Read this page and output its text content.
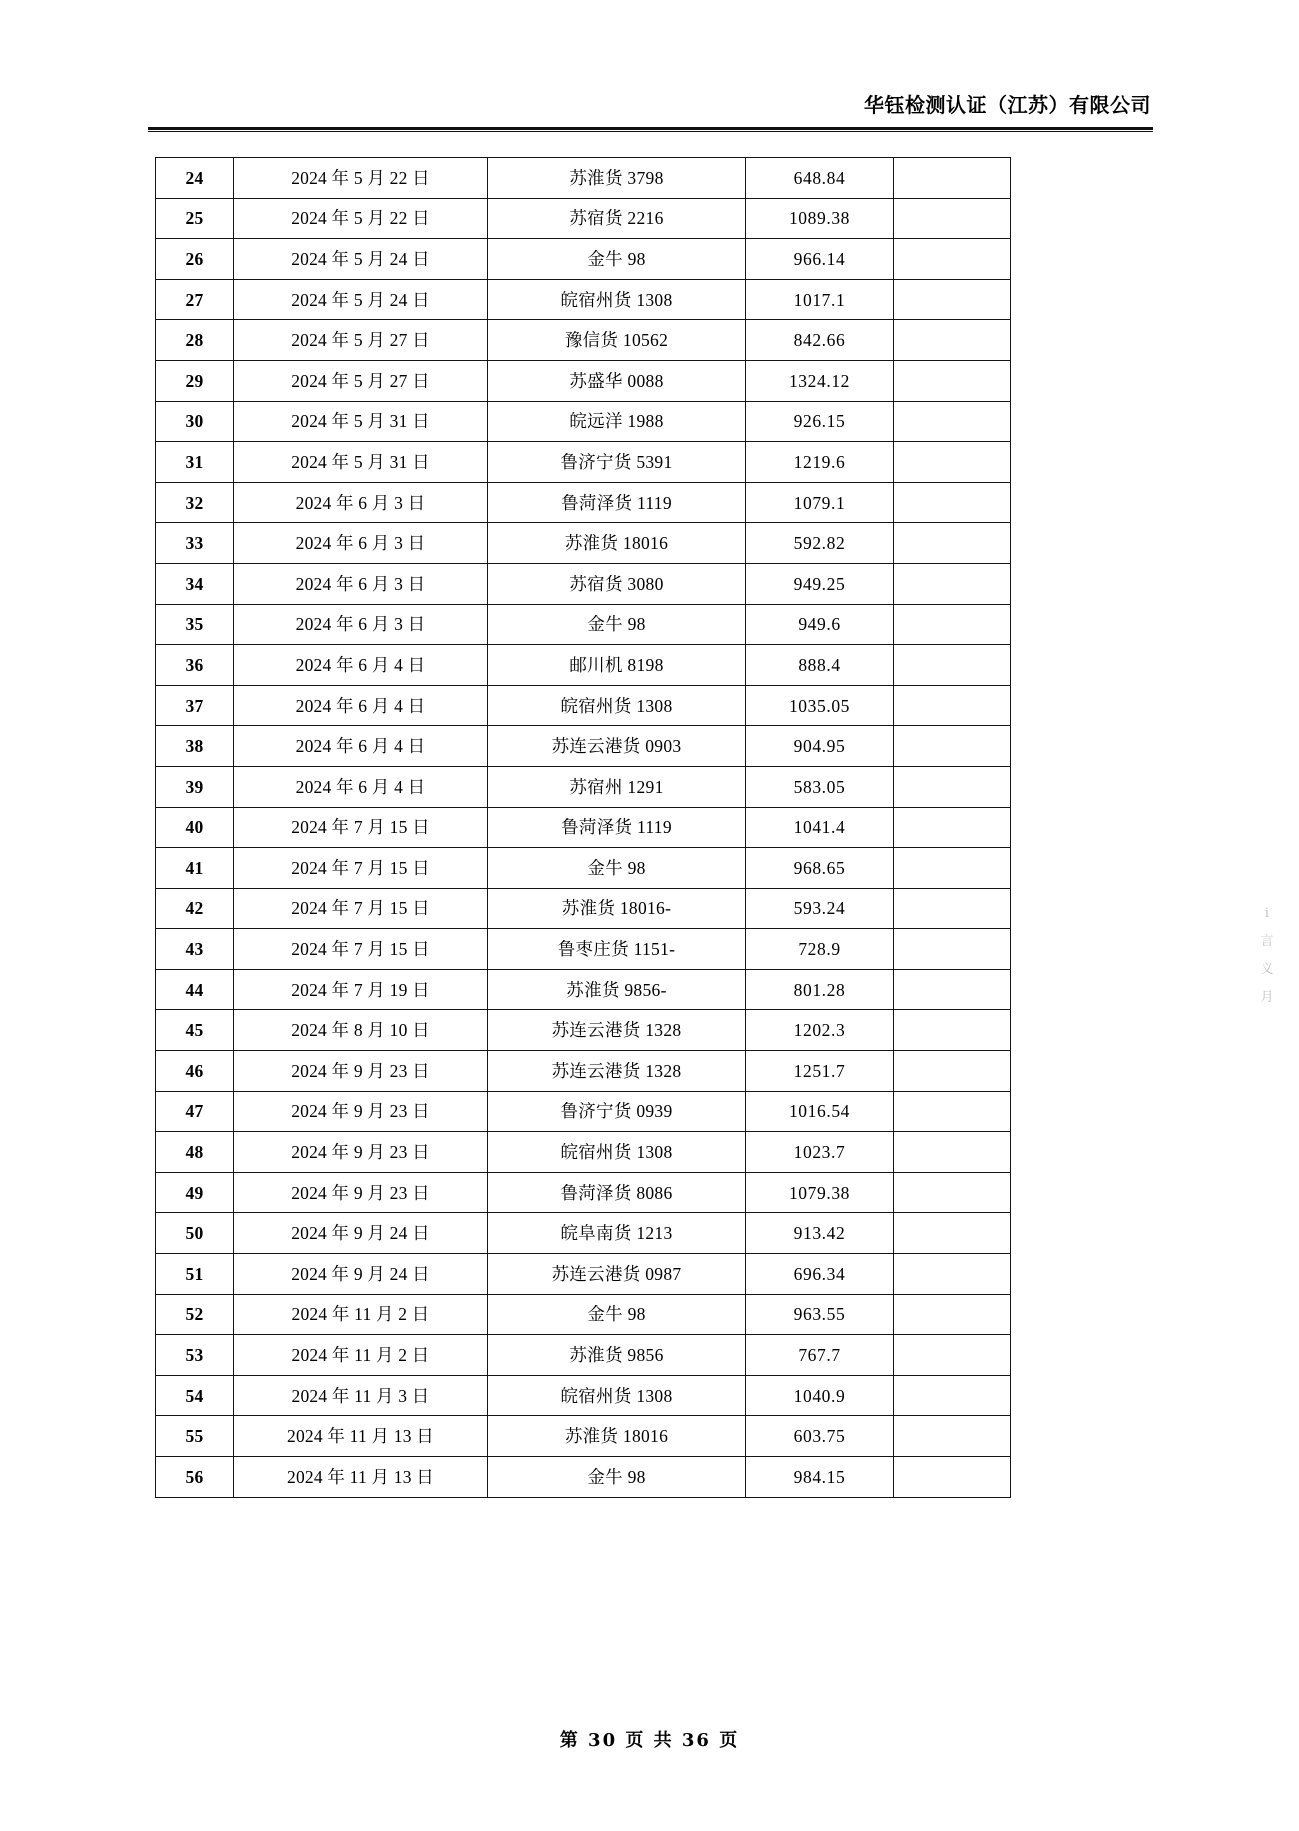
华钰检测认证（江苏）有限公司
24	2024 年 5 月 22 日	苏淮货 3798	648.84	
25	2024 年 5 月 22 日	苏宿货 2216	1089.38	
26	2024 年 5 月 24 日	金牛 98	966.14	
27	2024 年 5 月 24 日	皖宿州货 1308	1017.1	
28	2024 年 5 月 27 日	豫信货 10562	842.66	
29	2024 年 5 月 27 日	苏盛华 0088	1324.12	
30	2024 年 5 月 31 日	皖远洋 1988	926.15	
31	2024 年 5 月 31 日	鲁济宁货 5391	1219.6	
32	2024 年 6 月 3 日	鲁菏泽货 1119	1079.1	
33	2024 年 6 月 3 日	苏淮货 18016	592.82	
34	2024 年 6 月 3 日	苏宿货 3080	949.25	
35	2024 年 6 月 3 日	金牛 98	949.6	
36	2024 年 6 月 4 日	邮川机 8198	888.4	
37	2024 年 6 月 4 日	皖宿州货 1308	1035.05	
38	2024 年 6 月 4 日	苏连云港货 0903	904.95	
39	2024 年 6 月 4 日	苏宿州 1291	583.05	
40	2024 年 7 月 15 日	鲁菏泽货 1119	1041.4	
41	2024 年 7 月 15 日	金牛 98	968.65	
42	2024 年 7 月 15 日	苏淮货 18016-	593.24	
43	2024 年 7 月 15 日	鲁枣庄货 1151-	728.9	
44	2024 年 7 月 19 日	苏淮货 9856-	801.28	
45	2024 年 8 月 10 日	苏连云港货 1328	1202.3	
46	2024 年 9 月 23 日	苏连云港货 1328	1251.7	
47	2024 年 9 月 23 日	鲁济宁货 0939	1016.54	
48	2024 年 9 月 23 日	皖宿州货 1308	1023.7	
49	2024 年 9 月 23 日	鲁菏泽货 8086	1079.38	
50	2024 年 9 月 24 日	皖阜南货 1213	913.42	
51	2024 年 9 月 24 日	苏连云港货 0987	696.34	
52	2024 年 11 月 2 日	金牛 98	963.55	
53	2024 年 11 月 2 日	苏淮货 9856	767.7	
54	2024 年 11 月 3 日	皖宿州货 1308	1040.9	
55	2024 年 11 月 13 日	苏淮货 18016	603.75	
56	2024 年 11 月 13 日	金牛 98	984.15	
i
言
义
月
第 30 页 共 36 页
